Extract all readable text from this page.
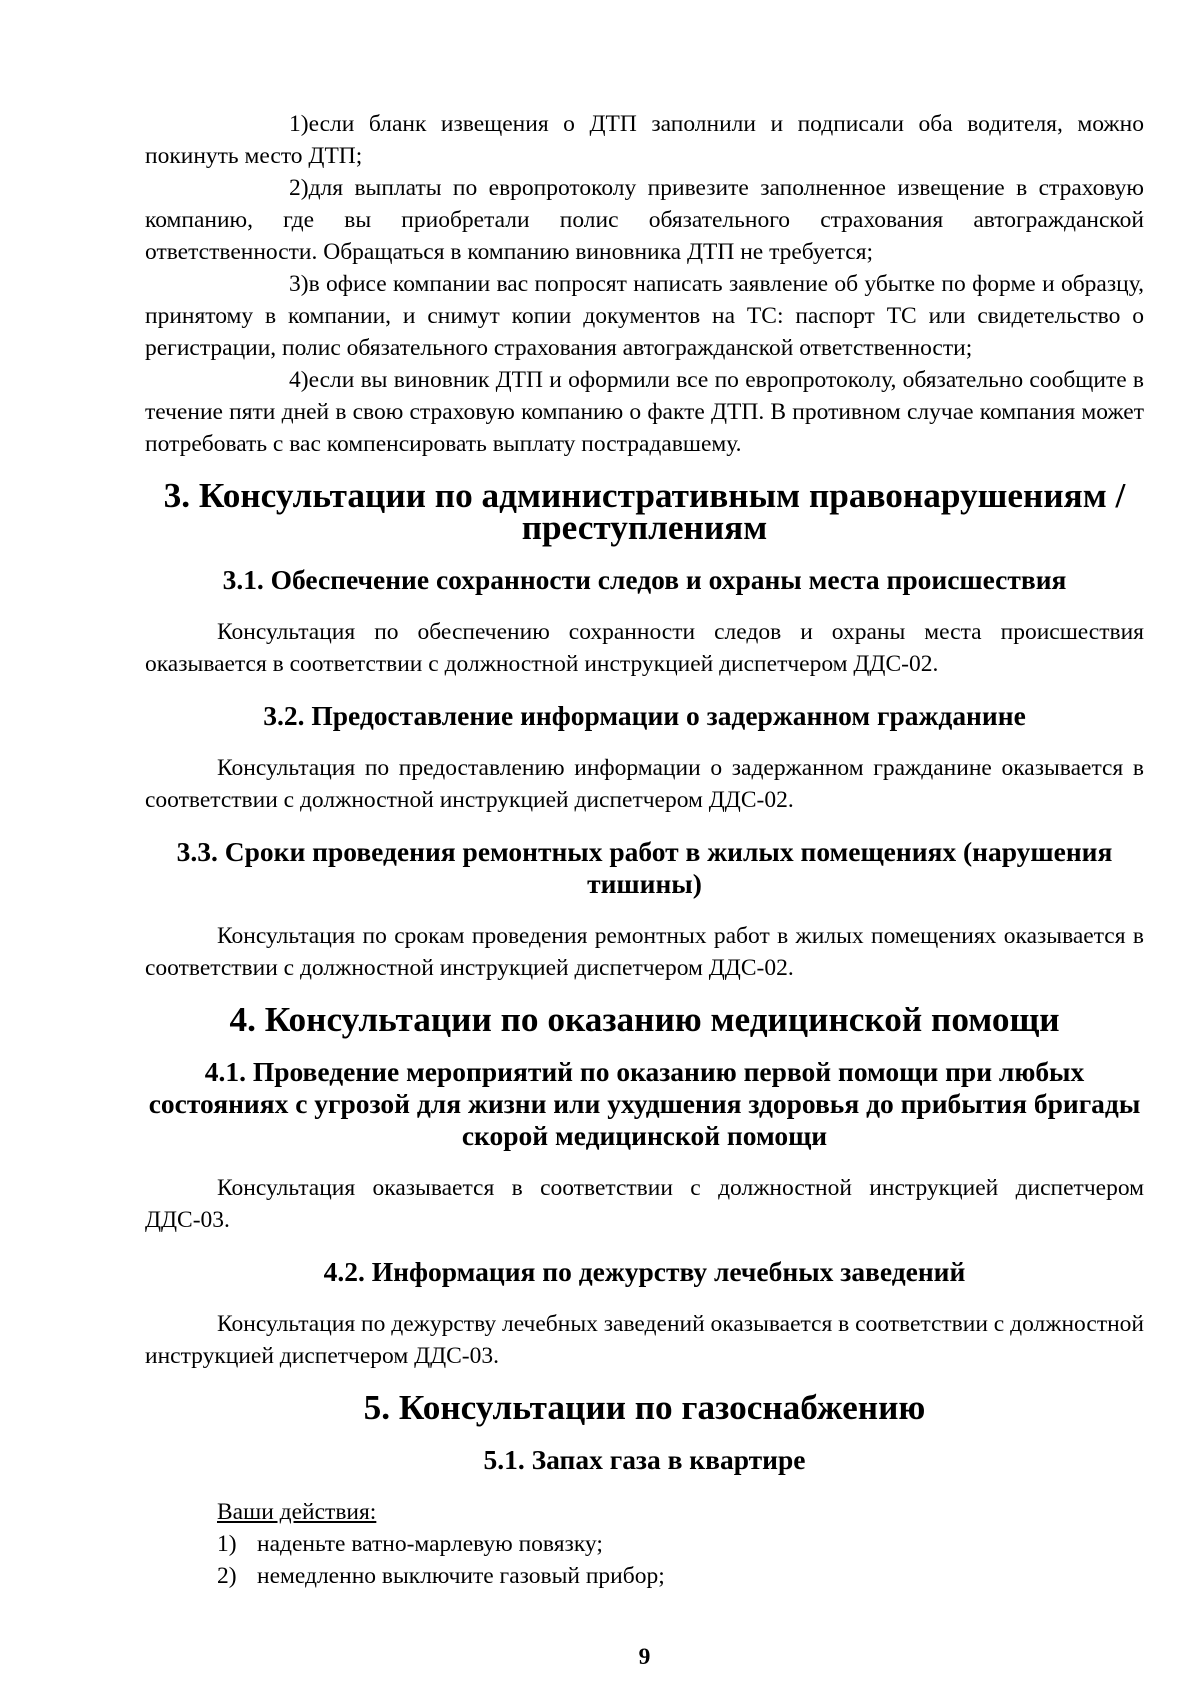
1)если бланк извещения о ДТП заполнили и подписали оба водителя, можно покинуть место ДТП;

2)для выплаты по европротоколу привезите заполненное извещение в страховую компанию, где вы приобретали полис обязательного страхования автогражданской ответственности. Обращаться в компанию виновника ДТП не требуется;

3)в офисе компании вас попросят написать заявление об убытке по форме и образцу, принятому в компании, и снимут копии документов на ТС: паспорт ТС или свидетельство о регистрации, полис обязательного страхования автогражданской ответственности;

4)если вы виновник ДТП и оформили все по европротоколу, обязательно сообщите в течение пяти дней в свою страховую компанию о факте ДТП. В противном случае компания может потребовать с вас компенсировать выплату пострадавшему.

3. Консультации по административным правонарушениям / преступлениям
3.1. Обеспечение сохранности следов и охраны места происшествия

Консультация по обеспечению сохранности следов и охраны места происшествия оказывается в соответствии с должностной инструкцией диспетчером ДДС-02.

3.2. Предоставление информации о задержанном гражданине

Консультация по предоставлению информации о задержанном гражданине оказывается в соответствии с должностной инструкцией диспетчером ДДС-02.

3.3. Сроки проведения ремонтных работ в жилых помещениях (нарушения тишины)

Консультация по срокам проведения ремонтных работ в жилых помещениях оказывается в соответствии с должностной инструкцией диспетчером ДДС-02.

4. Консультации по оказанию медицинской помощи
4.1. Проведение мероприятий по оказанию первой помощи при любых состояниях с угрозой для жизни или ухудшения здоровья до прибытия бригады скорой медицинской помощи

Консультация оказывается в соответствии с должностной инструкцией диспетчером ДДС-03.

4.2. Информация по дежурству лечебных заведений

Консультация по дежурству лечебных заведений оказывается в соответствии с должностной инструкцией диспетчером ДДС-03.

5. Консультации по газоснабжению
5.1. Запах газа в квартире

Ваши действия:

1) наденьте ватно-марлевую повязку;

2) немедленно выключите газовый прибор;

9
